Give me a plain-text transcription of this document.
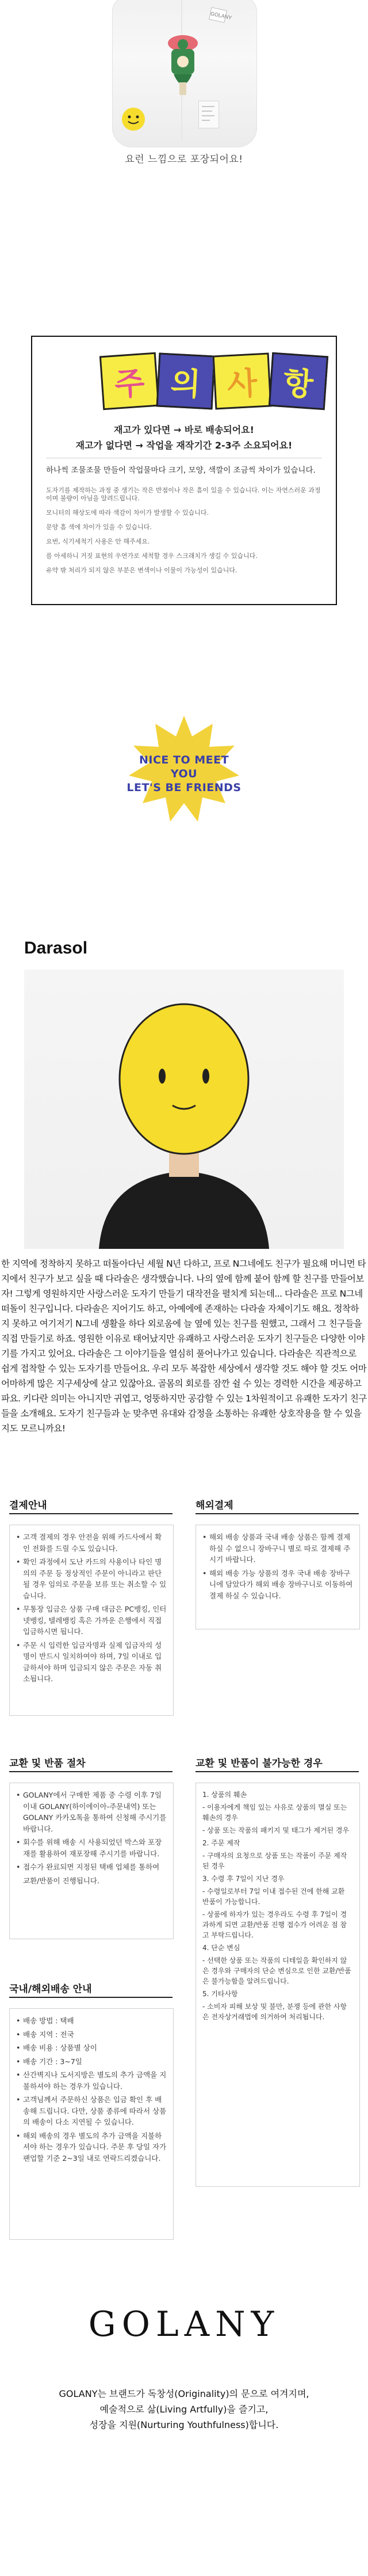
GOLANY
요런 느낌으로 포장되어요!
주 의 사 항
재고가 있다면 → 바로 배송되어요!
재고가 없다면 → 작업을 재작기간 2-3주 소요되어요!
하나씩 조물조물 만들어 작업물마다 크기, 모양, 색깔이 조금씩 차이가 있습니다.
도자기를 제작하는 과정 중 생기는 작은 반점이나 작은 흠이 있을 수 있습니다. 이는 자연스러운 과정이며 불량이 아님을 알려드립니다.
모니터의 해상도에 따라 색감이 차이가 발생할 수 있습니다.
문양 흠 색에 차이가 있을 수 있습니다.
요번, 식기세척기 사용은 안 해주세요.
를 아세하니 거짓 표현의 우연가로 세척할 경우 스크래치가 생길 수 있습니다.
유약 밖 처리가 되지 않은 부분은 변색이나 이물이 가능성이 있습니다.
NICE TO MEET YOU
LET'S BE FRIENDS
Darasol
한 지역에 정착하지 못하고 떠돌아다닌 세월 N년 다하고, 프로 N그네에도 친구가 필요해 머니먼 타지에서 친구가 보고 싶을 때 다라솔은 생각했습니다. 나의 옆에 함께 붙어 함께 할 친구를 만들어보자! 그렇게 영원하지만 사랑스러운 도자기 만들기 대작전을 펼치게 되는데... 다라솔은 프로 N그네 떠돌이 친구입니다. 다라솔은 지어기도 하고, 아예에에 존재하는 다라솔 자체이기도 해요. 정착하지 못하고 여기저기 N그네 생활을 하다 외로움에 늘 옆에 있는 친구를 원했고, 그래서 그 친구들을 직접 만들기로 하죠. 영원한 이유로 태어났지만 유쾌하고 사랑스러운 도자기 친구들은 다양한 이야기를 가지고 있어요. 다라솔은 그 이야기들을 열심히 풀어나가고 있습니다. 다라솔은 직관적으로 쉽게 접착할 수 있는 도자기를 만들어요. 우리 모두 복잡한 세상에서 생각할 것도 해야 할 것도 어마어마하게 많은 지구세상에 살고 있잖아요. 골몸의 회로를 잠깐 쉴 수 있는 경력한 시간을 제공하고파요. 키다란 의미는 아니지만 귀엽고, 엉뚱하지만 공감할 수 있는 1차원적이고 유쾌한 도자기 친구들을 소개해요. 도자기 친구들과 눈 맞추면 유대와 감정을 소통하는 유쾌한 상호작용을 할 수 있을지도 모르니까요!
결제안내
• 고객 결제의 경우 안전을 위해 카드사에서 확인 전화를 드릴 수도 있습니다.
• 확인 과정에서 도난 카드의 사용이나 타인 명의의 주문 등 정상적인 주문이 아니라고 판단될 경우 임의로 주문을 보류 또는 취소할 수 있습니다.
• 무통장 입금은 상품 구매 대금은 PC뱅킹, 인터넷뱅킹, 텔레뱅킹 혹은 가까운 은행에서 직접 입금하시면 됩니다.
• 주문 시 입력한 입금자명과 실제 입금자의 성명이 반드시 일치하여야 하며, 7일 이내로 입금하셔야 하며 입금되지 않은 주문은 자동 취소됩니다.
해외결제
• 해외 배송 상품과 국내 배송 상품은 함께 결제하실 수 없으니 장바구니 별로 따로 결제해 주시기 바랍니다.
• 해외 배송 가능 상품의 경우 국내 배송 장바구니에 담았다가 해외 배송 장바구니로 이동하여 결제 하실 수 있습니다.
교환 및 반품 절차
• GOLANY에서 구매한 제품 중 수령 이후 7일 이내 GOLANY(하이에이아-주문내역) 또는 GOLANY 카카오톡을 통하여 신청해 주시기를 바랍니다.
• 회수를 위해 배송 시 사용되었던 박스와 포장재를 활용하여 재포장해 주시기를 바랍니다.
• 접수가 완료되면 지정된 택배 업체를 통하여
교환/반품이 진행됩니다.
교환 및 반품이 불가능한 경우
1. 상품의 훼손
- 이용자에게 책임 있는 사유로 상품의 멸실 또는 훼손의 경우
- 상품 또는 작품의 패키지 및 태그가 제거된 경우
2. 주문 제작
- 구매자의 요청으로 상품 또는 작품이 주문 제작된 경우
3. 수령 후 7일이 지난 경우
- 수령일로부터 7일 이내 접수된 건에 한해 교환 반품이 가능합니다.
- 상품에 하자가 있는 경우라도 수령 후 7일이 경과하게 되면 교환/반품 진행 접수가 어려운 점 참고 부탁드립니다.
4. 단순 변심
- 선택한 상품 또는 작품의 디테일을 확인하지 않은 경우와 구매자의 단순 변심으로 인한 교환/반품은 불가능함을 알려드립니다.
5. 기타사항
- 소비자 피해 보상 및 불만, 분쟁 등에 관한 사항은 전자상거래법에 의거하여 처리됩니다.
국내/해외배송 안내
• 배송 방법 : 택배
• 배송 지역 : 전국
• 배송 비용 : 상품별 상이
• 배송 기간 : 3~7일
• 산간벽지나 도서지방은 별도의 추가 금액을 지불하셔야 하는 경우가 있습니다.
• 고객님께서 주문하신 상품은 입금 확인 후 배송해 드립니다. 다만, 상품 종류에 따라서 상품의 배송이 다소 지연될 수 있습니다.
• 해외 배송의 경우 별도의 추가 금액을 지불하셔야 하는 경우가 있습니다. 주문 후 당일 자가 팬업할 기준 2~3일 내로 연락드리겠습니다.
GOLANY
GOLANY는 브랜드가 독창성(Originality)의 문으로 여겨지며,
예술적으로 삶(Living Artfully)을 즐기고,
성장을 지원(Nurturing Youthfulness)합니다.
